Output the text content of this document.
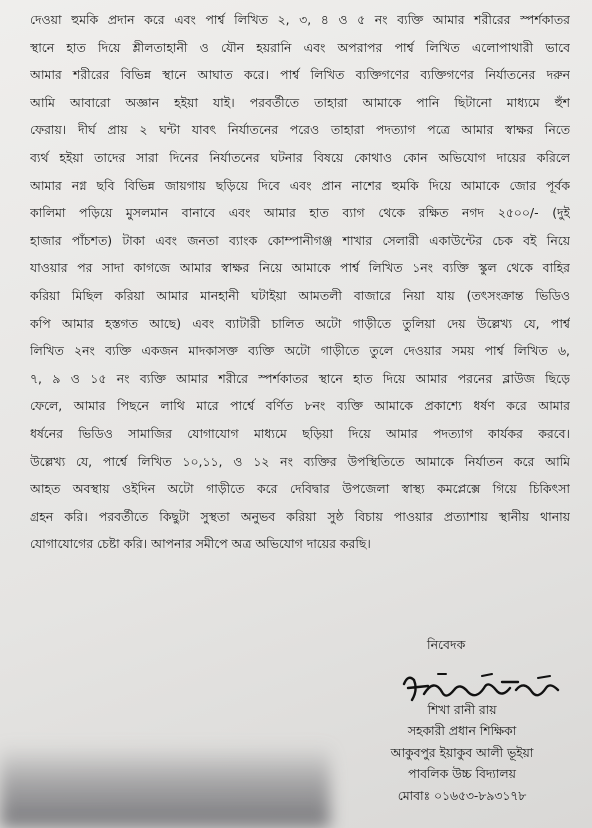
দেওয়া হুমকি প্রদান করে এবং পার্শ্ব লিখিত ২, ৩, ৪ ও ৫ নং ব্যক্তি আমার শরীরের স্পর্শকাতর
স্থানে হাত দিয়ে শ্লীলতাহানী ও যৌন হয়রানি এবং অপরাপর পার্শ্ব লিখিত এলোপাথারী ভাবে
আমার শরীরের বিভিন্ন স্থানে আঘাত করে। পার্শ্ব লিখিত ব্যক্তিগণের ব্যক্তিগণের নির্যাতনের দরুন
আমি আবারো অজ্ঞান হইয়া যাই। পরবর্তীতে তাহারা আমাকে পানি ছিটানো মাধ্যমে হুঁশ
ফেরায়। দীর্ঘ প্রায় ২ ঘন্টা যাবৎ নির্যাতনের পরেও তাহারা পদত্যাগ পত্রে আমার স্বাক্ষর নিতে
ব্যর্থ হইয়া তাদের সারা দিনের নির্যাতনের ঘটনার বিষয়ে কোথাও কোন অভিযোগ দায়ের করিলে
আমার নগ্ন ছবি বিভিন্ন জায়গায় ছড়িয়ে দিবে এবং প্রান নাশের হুমকি দিয়ে আমাকে জোর পূর্বক
কালিমা পড়িয়ে মুসলমান বানাবে এবং আমার হাত ব্যাগ থেকে রক্ষিত নগদ ২৫০০/- (দুই
হাজার পাঁচশত) টাকা এবং জনতা ব্যাংক কোম্পানীগঞ্জ শাখার সেলারী একাউন্টের চেক বই নিয়ে
যাওয়ার পর সাদা কাগজে আমার স্বাক্ষর নিয়ে আমাকে পার্শ্ব লিখিত ১নং ব্যক্তি স্কুল থেকে বাহির
করিয়া মিছিল করিয়া আমার মানহানী ঘটাইয়া আমতলী বাজারে নিয়া যায় (তৎসংক্রান্ত ভিডিও
কপি আমার হস্তগত আছে) এবং ব্যাটারী চালিত অটো গাড়ীতে তুলিয়া দেয় উল্লেখ্য যে, পার্শ্ব
লিখিত ২নং ব্যক্তি একজন মাদকাসক্ত ব্যক্তি অটো গাড়ীতে তুলে দেওয়ার সময় পার্শ্ব লিখিত ৬,
৭, ৯ ও ১৫ নং ব্যক্তি আমার শরীরে স্পর্শকাতর স্থানে হাত দিয়ে আমার পরনের ব্লাউজ ছিড়ে
ফেলে, আমার পিছনে লাথি মারে পার্শ্বে বর্ণিত ৮নং ব্যক্তি আমাকে প্রকাশ্যে ধর্ষণ করে আমার
ধর্ষনের ভিডিও সামাজির যোগাযোগ মাধ্যমে ছড়িয়া দিয়ে আমার পদত্যাগ কার্যকর করবে।
উল্লেখ্য যে, পার্শ্বে লিখিত ১০,১১, ও ১২ নং ব্যক্তির উপস্থিতিতে আমাকে নির্যাতন করে আমি
আহত অবস্থায় ওইদিন অটো গাড়ীতে করে দেবিদ্বার উপজেলা স্বাস্থ্য কমপ্লেক্সে গিয়ে চিকিৎসা
গ্রহন করি। পরবর্তীতে কিছুটা সুস্থতা অনুভব করিয়া সুষ্ঠ বিচায় পাওয়ার প্রত্যাশায় স্থানীয় থানায়
যোগাযোগের চেষ্টা করি। আপনার সমীপে অত্র অভিযোগ দায়ের করছি।
নিবেদক
শিখা রানী রায়
সহকারী প্রধান শিক্ষিকা
আকুবপুর ইয়াকুব আলী ভূইয়া
পাবলিক উচ্চ বিদ্যালয়
মোবাঃ ০১৬৫৩-৮৯৩১৭৮
